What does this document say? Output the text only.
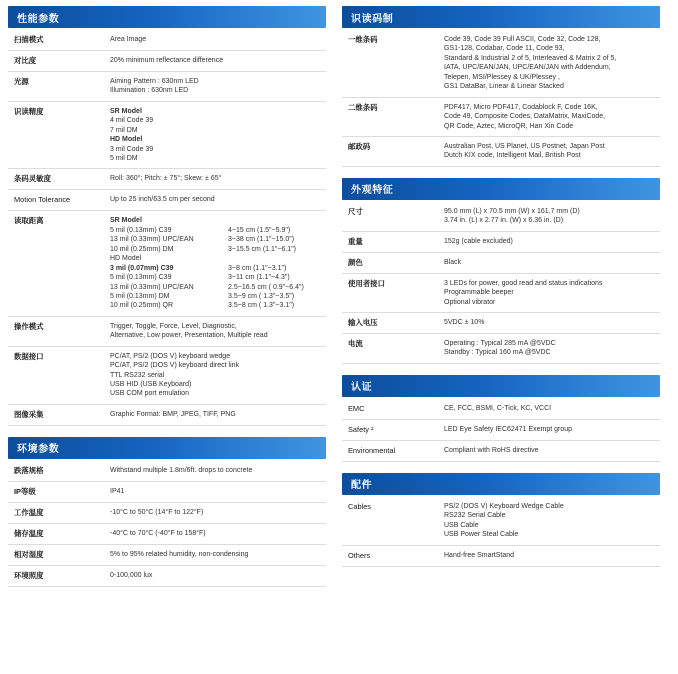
性能参数
扫描模式	Area Image

对比度	20% minimum reflectance difference

光源	Aiming Pattern : 630nm LED
Illumination : 630nm LED

识读精度	SR Model
4 mil Code 39
7 mil DM
HD Model
3 mil Code 39
5 mil DM

条码灵敏度	Roll: 360°; Pitch: ± 75°; Skew: ± 65°

Motion Tolerance	Up to 25 inch/63.5 cm per second

读取距离	SR Model
5 mil (0.13mm) C39	4~15 cm (1.5"~5.9")
13 mil (0.33mm) UPC/EAN	3~38 cm (1.1"~15.0")
10 mil (0.25mm) DM	3~15.5 cm (1.1"~6.1")
HD Model
3 mil (0.07mm) C39	3~8 cm (1.1"~3.1")
5 mil (0.13mm) C39	3~11 cm (1.1"~4.3")
13 mil (0.33mm) UPC/EAN	2.5~16.5 cm ( 0.9"~6.4")
5 mil (0.13mm) DM	3.5~9 cm ( 1.3"~3.5")
10 mil (0.25mm) QR	3.5~8 cm ( 1.3"~3.1")

操作模式	Trigger, Toggle, Force, Level, Diagnostic,
Alternative, Low power, Presentation, Multiple read

数据接口	PC/AT, PS/2 (DOS V) keyboard wedge
PC/AT, PS/2 (DOS V) keyboard direct link
TTL RS232 serial
USB HID (USB Keyboard)
USB COM port emulation

图像采集	Graphic Format: BMP, JPEG, TIFF, PNG
环境参数
跌落规格	Withstand multiple 1.8m/6ft. drops to concrete

IP等级	IP41

工作温度	-10°C to 50°C (14°F to 122°F)

储存温度	-40°C to 70°C (-40°F to 158°F)

相对湿度	5% to 95% related humidity, non-condensing

环境照度	0-100,000 lux
识读码制
一维条码	Code 39, Code 39 Full ASCII, Code 32, Code 128,
GS1-128, Codabar, Code 11, Code 93,
Standard & Industrial 2 of 5, Interleaved & Matrix 2 of 5,
IATA, UPC/EAN/JAN, UPC/EAN/JAN with Addendum,
Telepen, MSI/Plessey & UK/Plessey ,
GS1 DataBar, Linear & Linear Stacked

二维条码	PDF417, Micro PDF417, Codablock F, Code 16K,
Code 49, Composite Codes, DataMatrix, MaxiCode,
QR Code, Aztec, MicroQR, Han Xin Code

邮政码	Australian Post, US Planet, US Postnet, Japan Post
Dutch KIX code, Intelligent Mail, British Post
外观特征
尺寸	95.0 mm (L) x 70.5 mm (W) x 161.7 mm (D)
3.74 in. (L) x 2.77 in. (W) x 6.36 in. (D)

重量	152g (cable excluded)

颜色	Black

使用者接口	3 LEDs for power, good read and status indications
Programmable beeper
Optional vibrator

输入电压	5VDC ± 10%

电流	Operating : Typical 285 mA @5VDC
Standby : Typical 160 mA @5VDC
认证
EMC	CE, FCC, BSMI, C-Tick, KC, VCCI

Safety ²	LED Eye Safety IEC62471 Exempt group

Environmental	Compliant with RoHS directive
配件
Cables	PS/2 (DOS V) Keyboard Wedge Cable
RS232 Serial Cable
USB Cable
USB Power Steal Cable

Others	Hand-free SmartStand
